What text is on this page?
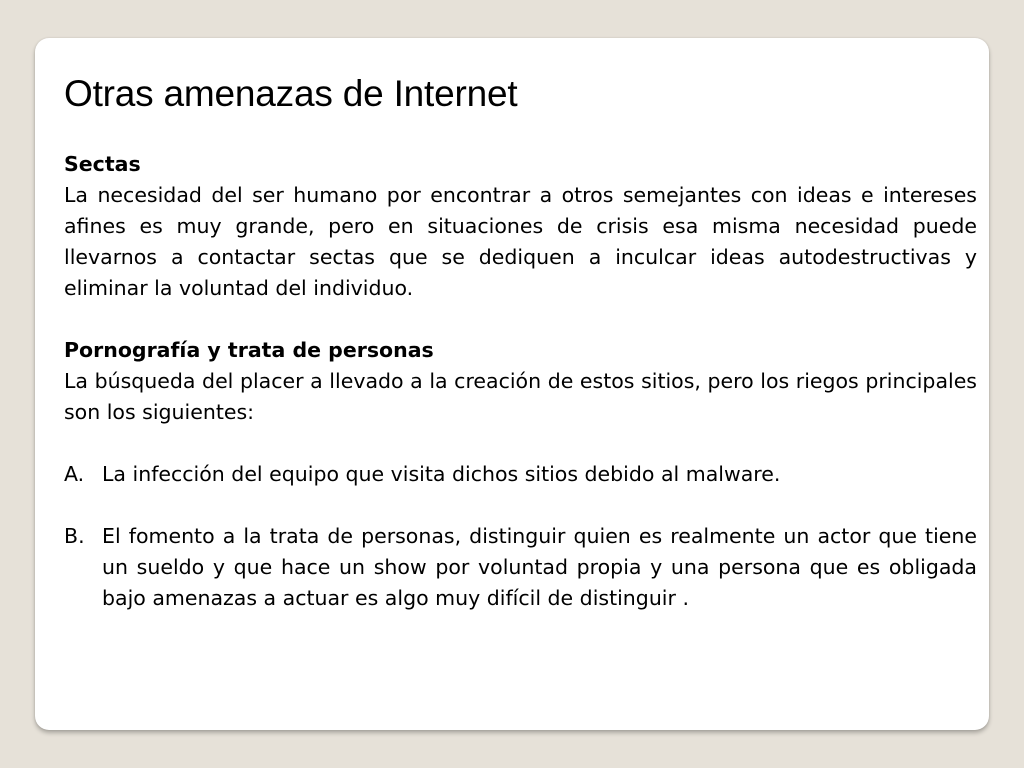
Otras amenazas de Internet

Sectas

La necesidad del ser humano por encontrar a otros semejantes con ideas e intereses afines es muy grande, pero en situaciones de crisis esa misma necesidad puede llevarnos a contactar sectas que se dediquen a inculcar ideas autodestructivas y eliminar la voluntad del individuo.

Pornografía y trata de personas

La búsqueda del placer a llevado a la creación de estos sitios, pero los riegos principales son los siguientes:

A. La infección del equipo que visita dichos sitios debido al malware.
B. El fomento a la trata de personas, distinguir quien es realmente un actor que tiene un sueldo y que hace un show por voluntad propia y una persona que es obligada bajo amenazas a actuar es algo muy difícil de distinguir .
